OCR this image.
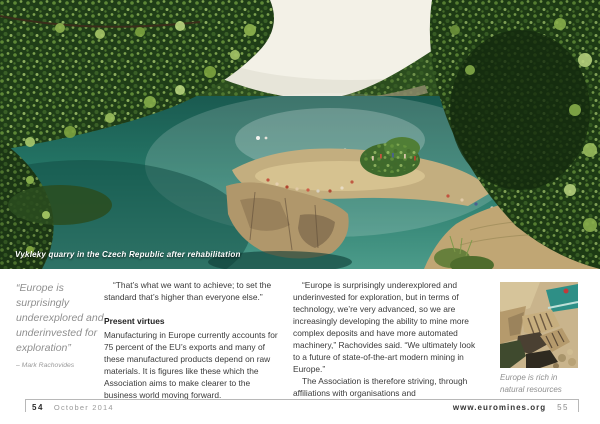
Vykleky quarry in the Czech Republic after rehabilitation
“Europe is surprisingly underexplored and underinvested for exploration”
– Mark Rachovides

“That’s what we want to achieve; to set the standard that’s higher than everyone else.”

Present virtues

Manufacturing in Europe currently accounts for 75 percent of the EU’s exports and many of these manufactured products depend on raw materials. It is figures like these which the Association aims to make clearer to the business world moving forward.

“Europe is surprisingly underexplored and underinvested for exploration, but in terms of technology, we’re very advanced, so we are increasingly developing the ability to mine more complex deposits and have more automated machinery,” Rachovides said. “We ultimately look to a future of state-of-the-art modern mining in Europe.”

The Association is therefore striving, through affiliations with organisations and

Europe is rich in natural resources
54 October 2014	www.euromines.org 55
